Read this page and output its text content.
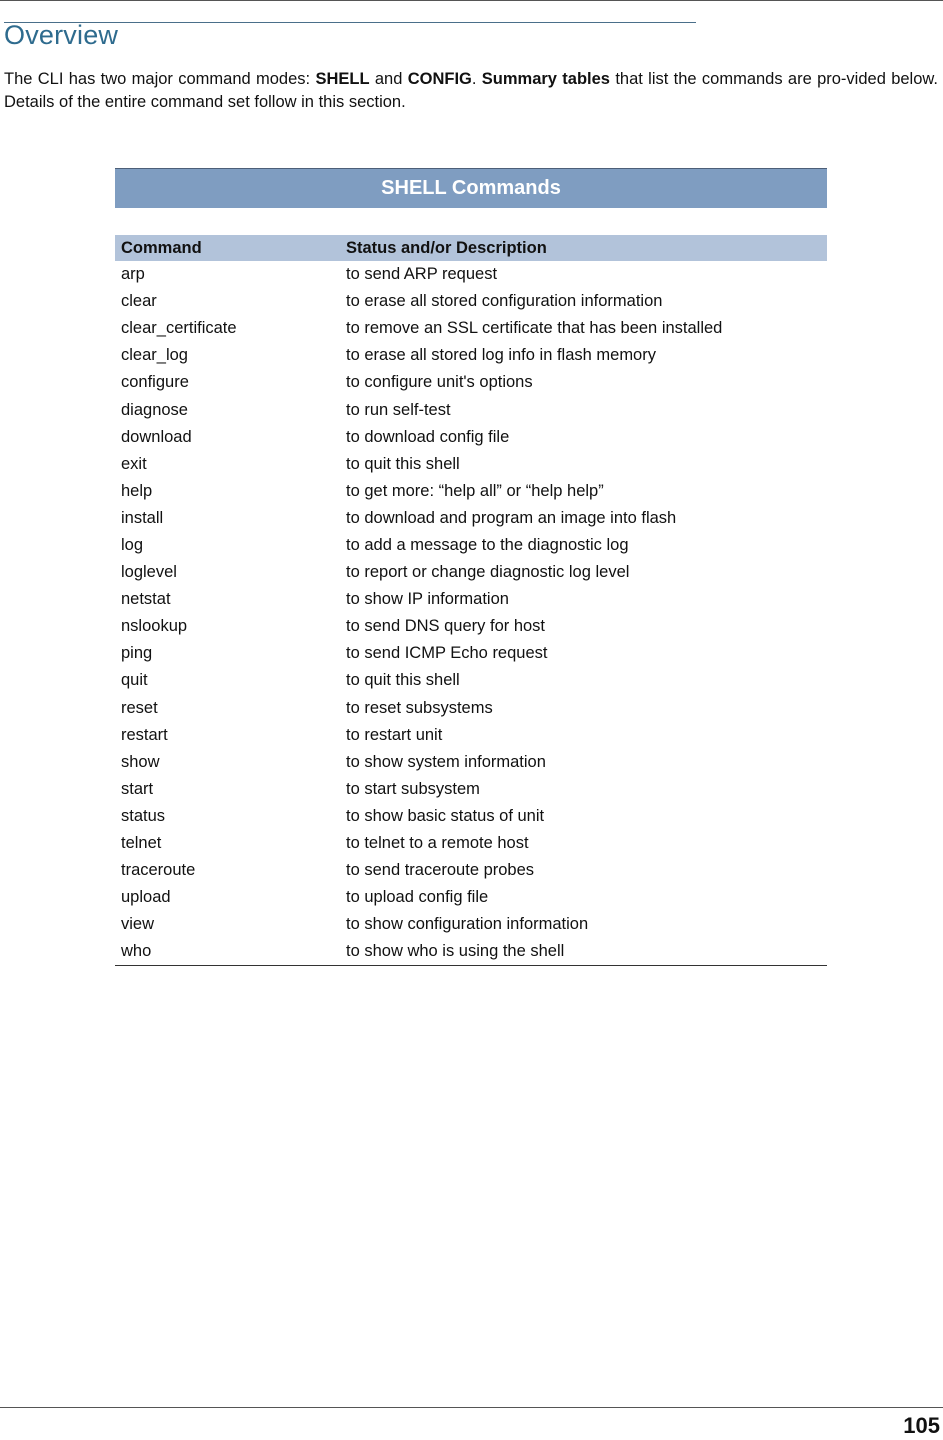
Overview

The CLI has two major command modes: SHELL and CONFIG. Summary tables that list the commands are pro-vided below. Details of the entire command set follow in this section.

SHELL Commands
Command	Status and/or Description
arp	to send ARP request
clear	to erase all stored configuration information
clear_certificate	to remove an SSL certificate that has been installed
clear_log	to erase all stored log info in flash memory
configure	to configure unit's options
diagnose	to run self-test
download	to download config file
exit	to quit this shell
help	to get more: “help all” or “help help”
install	to download and program an image into flash
log	to add a message to the diagnostic log
loglevel	to report or change diagnostic log level
netstat	to show IP information
nslookup	to send DNS query for host
ping	to send ICMP Echo request
quit	to quit this shell
reset	to reset subsystems
restart	to restart unit
show	to show system information
start	to start subsystem
status	to show basic status of unit
telnet	to telnet to a remote host
traceroute	to send traceroute probes
upload	to upload config file
view	to show configuration information
who	to show who is using the shell
105
